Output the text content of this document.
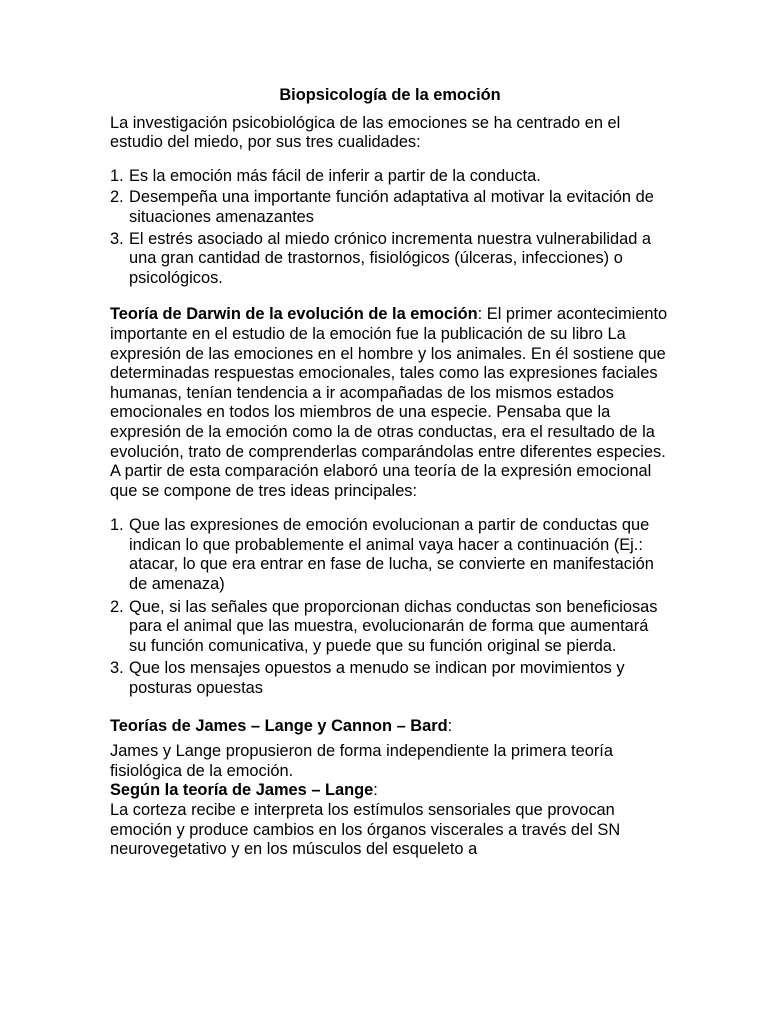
Biopsicología de la emoción

La investigación psicobiológica de las emociones se ha centrado en el estudio del miedo, por sus tres cualidades:

1. Es la emoción más fácil de inferir a partir de la conducta.
2. Desempeña una importante función adaptativa al motivar la evitación de situaciones amenazantes
3. El estrés asociado al miedo crónico incrementa nuestra vulnerabilidad a una gran cantidad de trastornos, fisiológicos (úlceras, infecciones) o psicológicos.

Teoría de Darwin de la evolución de la emoción: El primer acontecimiento importante en el estudio de la emoción fue la publicación de su libro La expresión de las emociones en el hombre y los animales. En él sostiene que determinadas respuestas emocionales, tales como las expresiones faciales humanas, tenían tendencia a ir acompañadas de los mismos estados emocionales en todos los miembros de una especie. Pensaba que la expresión de la emoción como la de otras conductas, era el resultado de la evolución, trato de comprenderlas comparándolas entre diferentes especies. A partir de esta comparación elaboró una teoría de la expresión emocional que se compone de tres ideas principales:

1. Que las expresiones de emoción evolucionan a partir de conductas que indican lo que probablemente el animal vaya hacer a continuación (Ej.: atacar, lo que era entrar en fase de lucha, se convierte en manifestación de amenaza)
2. Que, si las señales que proporcionan dichas conductas son beneficiosas para el animal que las muestra, evolucionarán de forma que aumentará su función comunicativa, y puede que su función original se pierda.
3. Que los mensajes opuestos a menudo se indican por movimientos y posturas opuestas

Teorías de James – Lange y Cannon – Bard:

James y Lange propusieron de forma independiente la primera teoría fisiológica de la emoción.

Según la teoría de James – Lange:

La corteza recibe e interpreta los estímulos sensoriales que provocan emoción y produce cambios en los órganos viscerales a través del SN neurovegetativo y en los músculos del esqueleto a
